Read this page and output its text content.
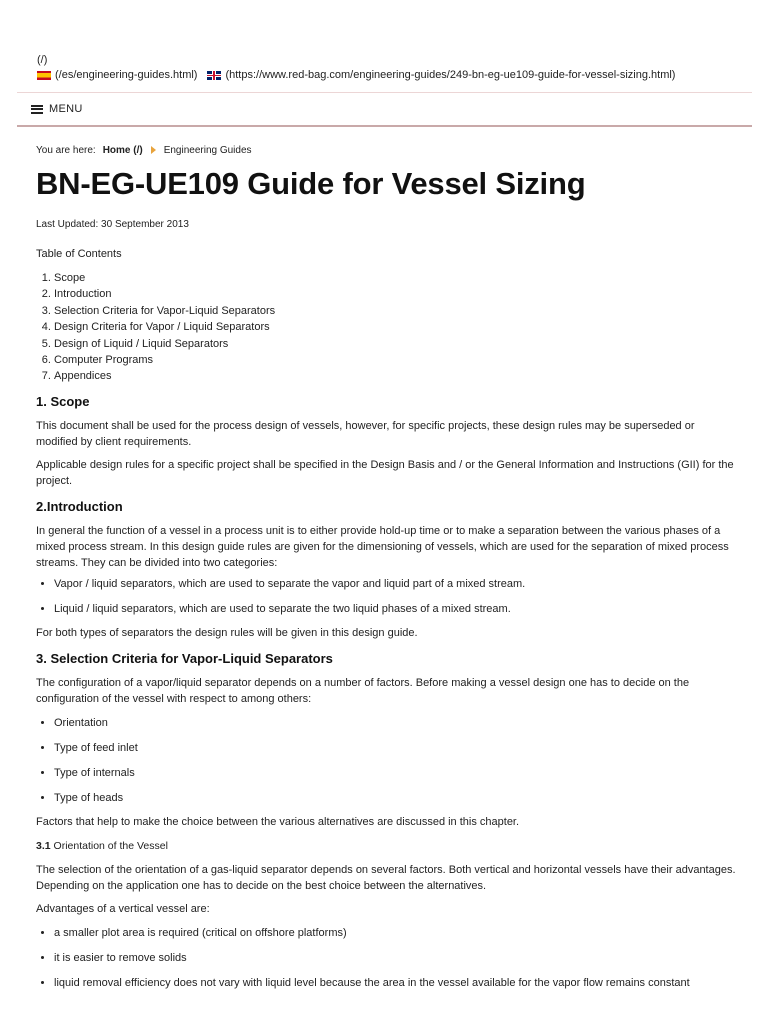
(/)
(/es/engineering-guides.html)	(https://www.red-bag.com/engineering-guides/249-bn-eg-ue109-guide-for-vessel-sizing.html)
MENU
You are here: Home (/) Engineering Guides
BN-EG-UE109 Guide for Vessel Sizing
Last Updated: 30 September 2013
Table of Contents
1. Scope
2. Introduction
3. Selection Criteria for Vapor-Liquid Separators
4. Design Criteria for Vapor / Liquid Separators
5. Design of Liquid / Liquid Separators
6. Computer Programs
7. Appendices
1. Scope

This document shall be used for the process design of vessels, however, for specific projects, these design rules may be superseded or modified by client requirements.

Applicable design rules for a specific project shall be specified in the Design Basis and / or the General Information and Instructions (GII) for the project.

2.Introduction

In general the function of a vessel in a process unit is to either provide hold-up time or to make a separation between the various phases of a mixed process stream. In this design guide rules are given for the dimensioning of vessels, which are used for the separation of mixed process streams. They can be divided into two categories:

• Vapor / liquid separators, which are used to separate the vapor and liquid part of a mixed stream.
• Liquid / liquid separators, which are used to separate the two liquid phases of a mixed stream.

For both types of separators the design rules will be given in this design guide.

3. Selection Criteria for Vapor-Liquid Separators

The configuration of a vapor/liquid separator depends on a number of factors. Before making a vessel design one has to decide on the configuration of the vessel with respect to among others:

• Orientation
• Type of feed inlet
• Type of internals
• Type of heads

Factors that help to make the choice between the various alternatives are discussed in this chapter.

3.1 Orientation of the Vessel

The selection of the orientation of a gas-liquid separator depends on several factors. Both vertical and horizontal vessels have their advantages. Depending on the application one has to decide on the best choice between the alternatives.

Advantages of a vertical vessel are:

• a smaller plot area is required (critical on offshore platforms)
• it is easier to remove solids
• liquid removal efficiency does not vary with liquid level because the area in the vessel available for the vapor flow remains constant
